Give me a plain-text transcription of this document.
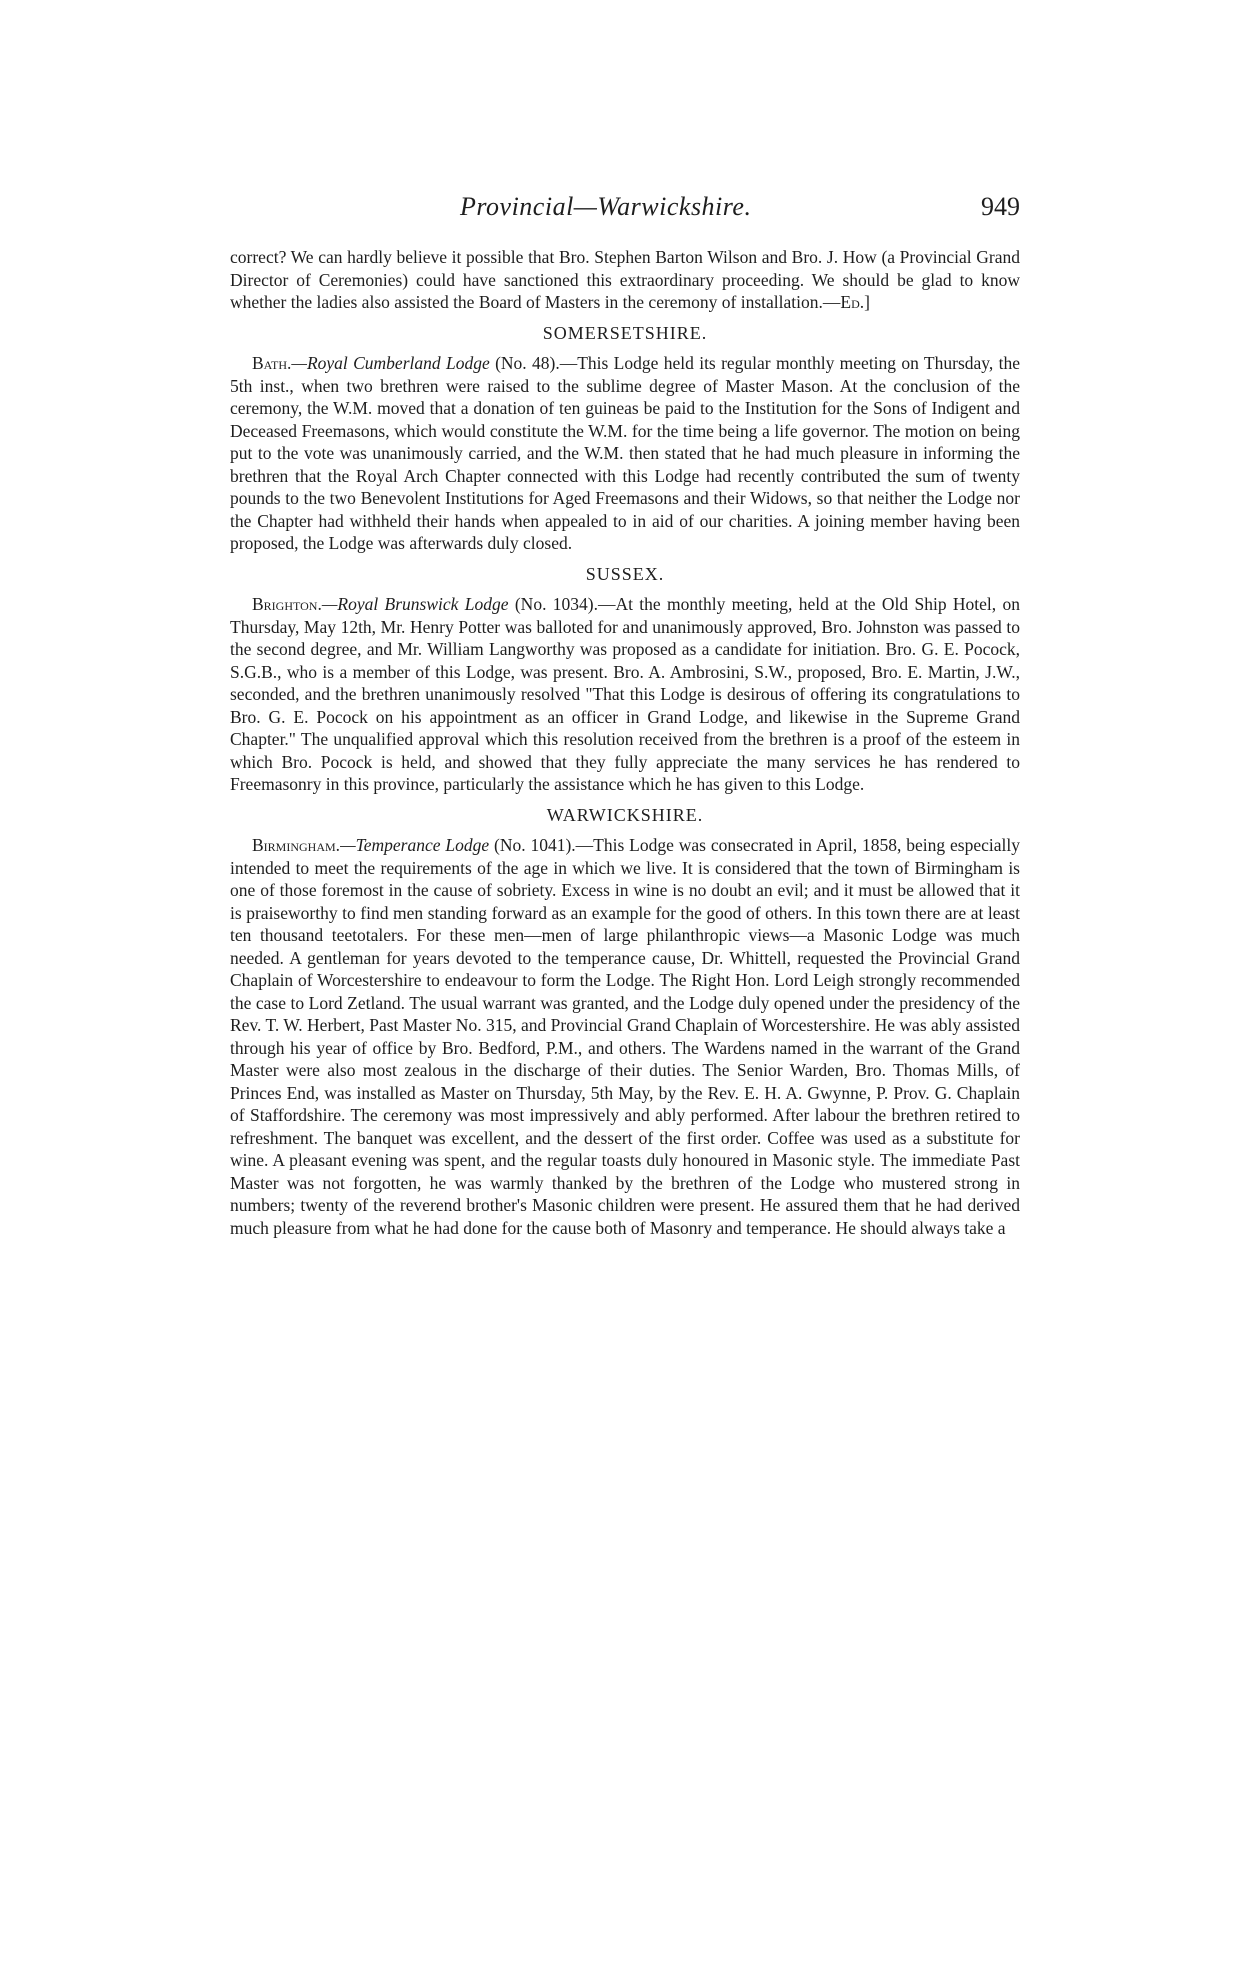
Provincial—Warwickshire.	949

correct? We can hardly believe it possible that Bro. Stephen Barton Wilson and Bro. J. How (a Provincial Grand Director of Ceremonies) could have sanctioned this extraordinary proceeding. We should be glad to know whether the ladies also assisted the Board of Masters in the ceremony of installation.—Ed.]

SOMERSETSHIRE.

Bath.—Royal Cumberland Lodge (No. 48).—This Lodge held its regular monthly meeting on Thursday, the 5th inst., when two brethren were raised to the sublime degree of Master Mason. At the conclusion of the ceremony, the W.M. moved that a donation of ten guineas be paid to the Institution for the Sons of Indigent and Deceased Freemasons, which would constitute the W.M. for the time being a life governor. The motion on being put to the vote was unanimously carried, and the W.M. then stated that he had much pleasure in informing the brethren that the Royal Arch Chapter connected with this Lodge had recently contributed the sum of twenty pounds to the two Benevolent Institutions for Aged Freemasons and their Widows, so that neither the Lodge nor the Chapter had withheld their hands when appealed to in aid of our charities. A joining member having been proposed, the Lodge was afterwards duly closed.

SUSSEX.

Brighton.—Royal Brunswick Lodge (No. 1034).—At the monthly meeting, held at the Old Ship Hotel, on Thursday, May 12th, Mr. Henry Potter was balloted for and unanimously approved, Bro. Johnston was passed to the second degree, and Mr. William Langworthy was proposed as a candidate for initiation. Bro. G. E. Pocock, S.G.B., who is a member of this Lodge, was present. Bro. A. Ambrosini, S.W., proposed, Bro. E. Martin, J.W., seconded, and the brethren unanimously resolved "That this Lodge is desirous of offering its congratulations to Bro. G. E. Pocock on his appointment as an officer in Grand Lodge, and likewise in the Supreme Grand Chapter." The unqualified approval which this resolution received from the brethren is a proof of the esteem in which Bro. Pocock is held, and showed that they fully appreciate the many services he has rendered to Freemasonry in this province, particularly the assistance which he has given to this Lodge.

WARWICKSHIRE.

Birmingham.—Temperance Lodge (No. 1041).—This Lodge was consecrated in April, 1858, being especially intended to meet the requirements of the age in which we live. It is considered that the town of Birmingham is one of those foremost in the cause of sobriety. Excess in wine is no doubt an evil; and it must be allowed that it is praiseworthy to find men standing forward as an example for the good of others. In this town there are at least ten thousand teetotalers. For these men—men of large philanthropic views—a Masonic Lodge was much needed. A gentleman for years devoted to the temperance cause, Dr. Whittell, requested the Provincial Grand Chaplain of Worcestershire to endeavour to form the Lodge. The Right Hon. Lord Leigh strongly recommended the case to Lord Zetland. The usual warrant was granted, and the Lodge duly opened under the presidency of the Rev. T. W. Herbert, Past Master No. 315, and Provincial Grand Chaplain of Worcestershire. He was ably assisted through his year of office by Bro. Bedford, P.M., and others. The Wardens named in the warrant of the Grand Master were also most zealous in the discharge of their duties. The Senior Warden, Bro. Thomas Mills, of Princes End, was installed as Master on Thursday, 5th May, by the Rev. E. H. A. Gwynne, P. Prov. G. Chaplain of Staffordshire. The ceremony was most impressively and ably performed. After labour the brethren retired to refreshment. The banquet was excellent, and the dessert of the first order. Coffee was used as a substitute for wine. A pleasant evening was spent, and the regular toasts duly honoured in Masonic style. The immediate Past Master was not forgotten, he was warmly thanked by the brethren of the Lodge who mustered strong in numbers; twenty of the reverend brother's Masonic children were present. He assured them that he had derived much pleasure from what he had done for the cause both of Masonry and temperance. He should always take a
